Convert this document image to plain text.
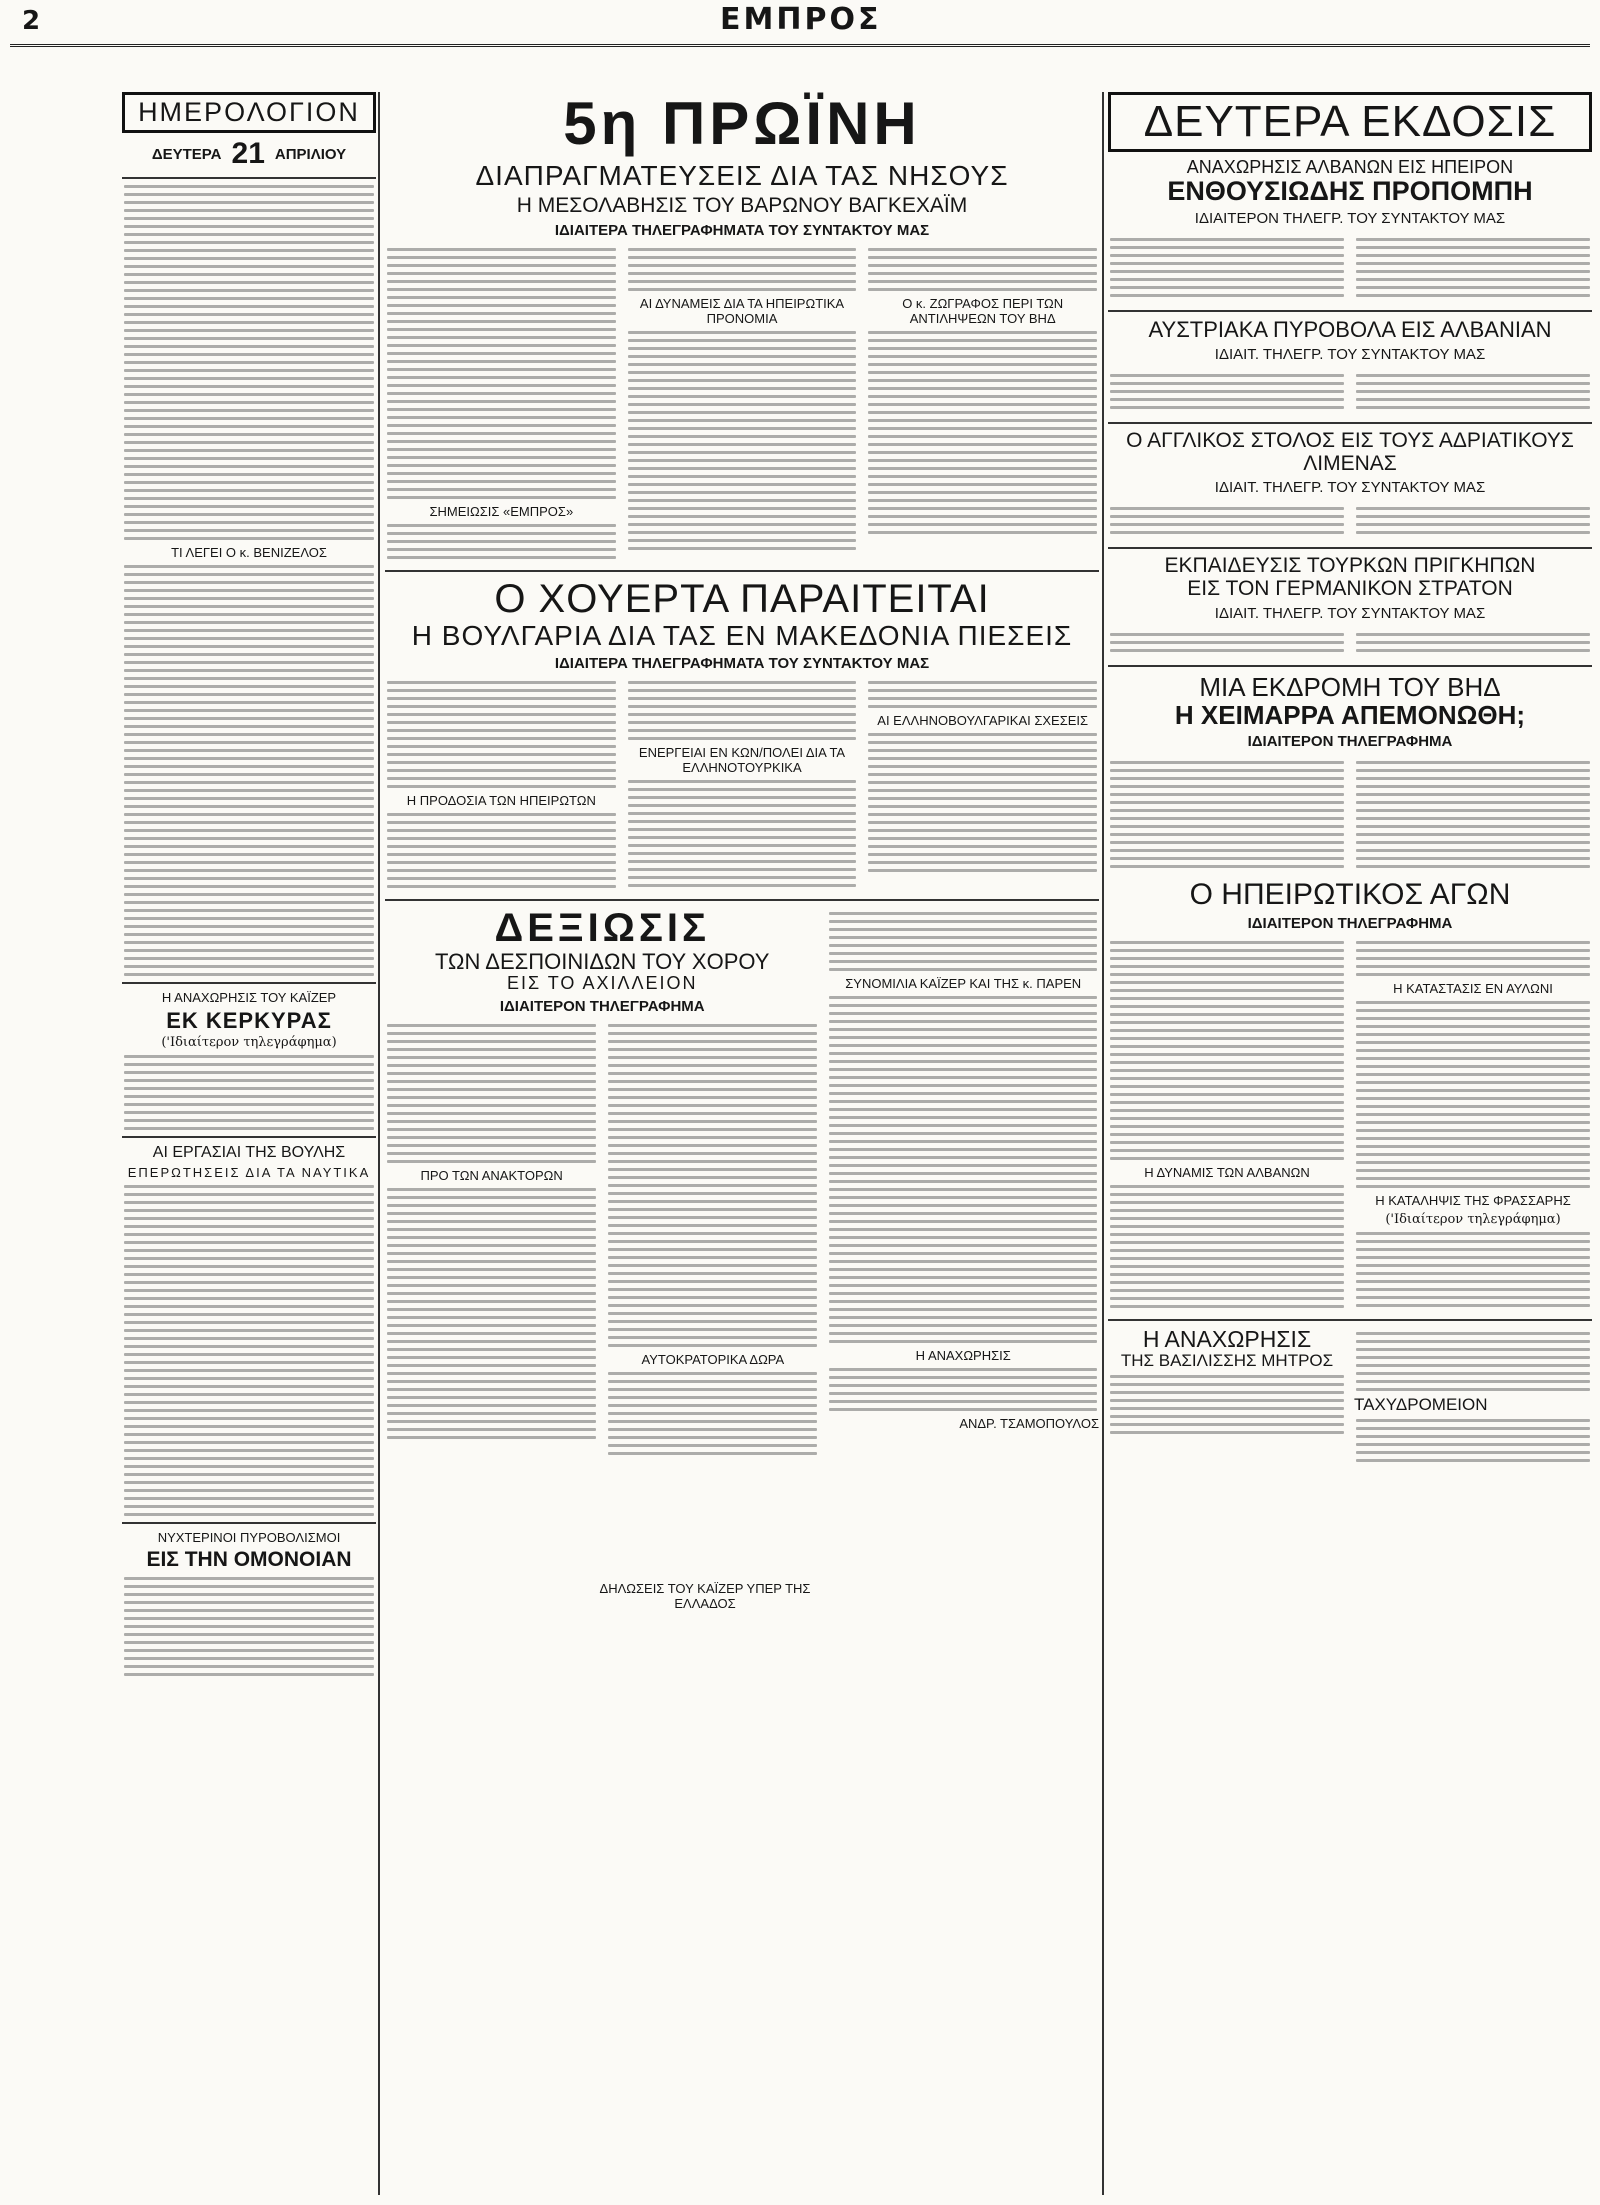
2	ΕΜΠΡΟΣ
ΗΜΕΡΟΛΟΓΙΟΝ
ΔΕΥΤΕΡΑ 21 ΑΠΡΙΛΙΟΥ
ΤΙ ΛΕΓΕΙ Ο κ. ΒΕΝΙΖΕΛΟΣ
Η ΑΝΑΧΩΡΗΣΙΣ ΤΟΥ ΚΑΪΖΕΡ
ΕΚ ΚΕΡΚΥΡΑΣ
('Ιδιαίτερον τηλεγράφημα)
ΑΙ ΕΡΓΑΣΙΑΙ ΤΗΣ ΒΟΥΛΗΣ
ΕΠΕΡΩΤΗΣΕΙΣ ΔΙΑ ΤΑ ΝΑΥΤΙΚΑ
ΝΥΧΤΕΡΙΝΟΙ ΠΥΡΟΒΟΛΙΣΜΟΙ
ΕΙΣ ΤΗΝ ΟΜΟΝΟΙΑΝ
5η ΠΡΩΪΝΗ
ΔΙΑΠΡΑΓΜΑΤΕΥΣΕΙΣ ΔΙΑ ΤΑΣ ΝΗΣΟΥΣ
Η ΜΕΣΟΛΑΒΗΣΙΣ ΤΟΥ ΒΑΡΩΝΟΥ ΒΑΓΚΕΧΑΪΜ
ΙΔΙΑΙΤΕΡΑ ΤΗΛΕΓΡΑΦΗΜΑΤΑ ΤΟΥ ΣΥΝΤΑΚΤΟΥ ΜΑΣ
ΣΗΜΕΙΩΣΙΣ «ΕΜΠΡΟΣ»
ΑΙ ΔΥΝΑΜΕΙΣ ΔΙΑ ΤΑ ΗΠΕΙΡΩΤΙΚΑ ΠΡΟΝΟΜΙΑ
Ο κ. ΖΩΓΡΑΦΟΣ ΠΕΡΙ ΤΩΝ ΑΝΤΙΛΗΨΕΩΝ ΤΟΥ ΒΗΔ
Ο ΧΟΥΕΡΤΑ ΠΑΡΑΙΤΕΙΤΑΙ
Η ΒΟΥΛΓΑΡΙΑ ΔΙΑ ΤΑΣ ΕΝ ΜΑΚΕΔΟΝΙΑ ΠΙΕΣΕΙΣ
ΙΔΙΑΙΤΕΡΑ ΤΗΛΕΓΡΑΦΗΜΑΤΑ ΤΟΥ ΣΥΝΤΑΚΤΟΥ ΜΑΣ
Η ΠΡΟΔΟΣΙΑ ΤΩΝ ΗΠΕΙΡΩΤΩΝ
ΕΝΕΡΓΕΙΑΙ ΕΝ ΚΩΝ/ΠΟΛΕΙ ΔΙΑ ΤΑ ΕΛΛΗΝΟΤΟΥΡΚΙΚΑ
ΑΙ ΕΛΛΗΝΟΒΟΥΛΓΑΡΙΚΑΙ ΣΧΕΣΕΙΣ
ΔΕΞΙΩΣΙΣ
ΤΩΝ ΔΕΣΠΟΙΝΙΔΩΝ ΤΟΥ ΧΟΡΟΥ
ΕΙΣ ΤΟ ΑΧΙΛΛΕΙΟΝ
ΙΔΙΑΙΤΕΡΟΝ ΤΗΛΕΓΡΑΦΗΜΑ
ΠΡΟ ΤΩΝ ΑΝΑΚΤΟΡΩΝ
ΑΥΤΟΚΡΑΤΟΡΙΚΑ ΔΩΡΑ
ΣΥΝΟΜΙΛΙΑ ΚΑΪΖΕΡ ΚΑΙ ΤΗΣ κ. ΠΑΡΕΝ
Η ΑΝΑΧΩΡΗΣΙΣ
ΑΝΔΡ. ΤΣΑΜΟΠΟΥΛΟΣ
ΔΗΛΩΣΕΙΣ ΤΟΥ ΚΑΪΖΕΡ ΥΠΕΡ ΤΗΣ ΕΛΛΑΔΟΣ
ΔΕΥΤΕΡΑ ΕΚΔΟΣΙΣ
ΑΝΑΧΩΡΗΣΙΣ ΑΛΒΑΝΩΝ ΕΙΣ ΗΠΕΙΡΟΝ
ΕΝΘΟΥΣΙΩΔΗΣ ΠΡΟΠΟΜΠΗ
ΙΔΙΑΙΤΕΡΟΝ ΤΗΛΕΓΡ. ΤΟΥ ΣΥΝΤΑΚΤΟΥ ΜΑΣ
ΑΥΣΤΡΙΑΚΑ ΠΥΡΟΒΟΛΑ ΕΙΣ ΑΛΒΑΝΙΑΝ
ΙΔΙΑΙΤ. ΤΗΛΕΓΡ. ΤΟΥ ΣΥΝΤΑΚΤΟΥ ΜΑΣ
Ο ΑΓΓΛΙΚΟΣ ΣΤΟΛΟΣ ΕΙΣ ΤΟΥΣ ΑΔΡΙΑΤΙΚΟΥΣ ΛΙΜΕΝΑΣ
ΙΔΙΑΙΤ. ΤΗΛΕΓΡ. ΤΟΥ ΣΥΝΤΑΚΤΟΥ ΜΑΣ
ΕΚΠΑΙΔΕΥΣΙΣ ΤΟΥΡΚΩΝ ΠΡΙΓΚΗΠΩΝ
ΕΙΣ ΤΟΝ ΓΕΡΜΑΝΙΚΟΝ ΣΤΡΑΤΟΝ
ΙΔΙΑΙΤ. ΤΗΛΕΓΡ. ΤΟΥ ΣΥΝΤΑΚΤΟΥ ΜΑΣ
ΜΙΑ ΕΚΔΡΟΜΗ ΤΟΥ ΒΗΔ
Η ΧΕΙΜΑΡΡΑ ΑΠΕΜΟΝΩΘΗ;
ΙΔΙΑΙΤΕΡΟΝ ΤΗΛΕΓΡΑΦΗΜΑ
Ο ΗΠΕΙΡΩΤΙΚΟΣ ΑΓΩΝ
ΙΔΙΑΙΤΕΡΟΝ ΤΗΛΕΓΡΑΦΗΜΑ
Η ΔΥΝΑΜΙΣ ΤΩΝ ΑΛΒΑΝΩΝ
Η ΚΑΤΑΣΤΑΣΙΣ ΕΝ ΑΥΛΩΝΙ
Η ΚΑΤΑΛΗΨΙΣ ΤΗΣ ΦΡΑΣΣΑΡΗΣ
('Ιδιαίτερον τηλεγράφημα)
Η ΑΝΑΧΩΡΗΣΙΣ
ΤΗΣ ΒΑΣΙΛΙΣΣΗΣ ΜΗΤΡΟΣ
ΤΑΧΥΔΡΟΜΕΙΟΝ
